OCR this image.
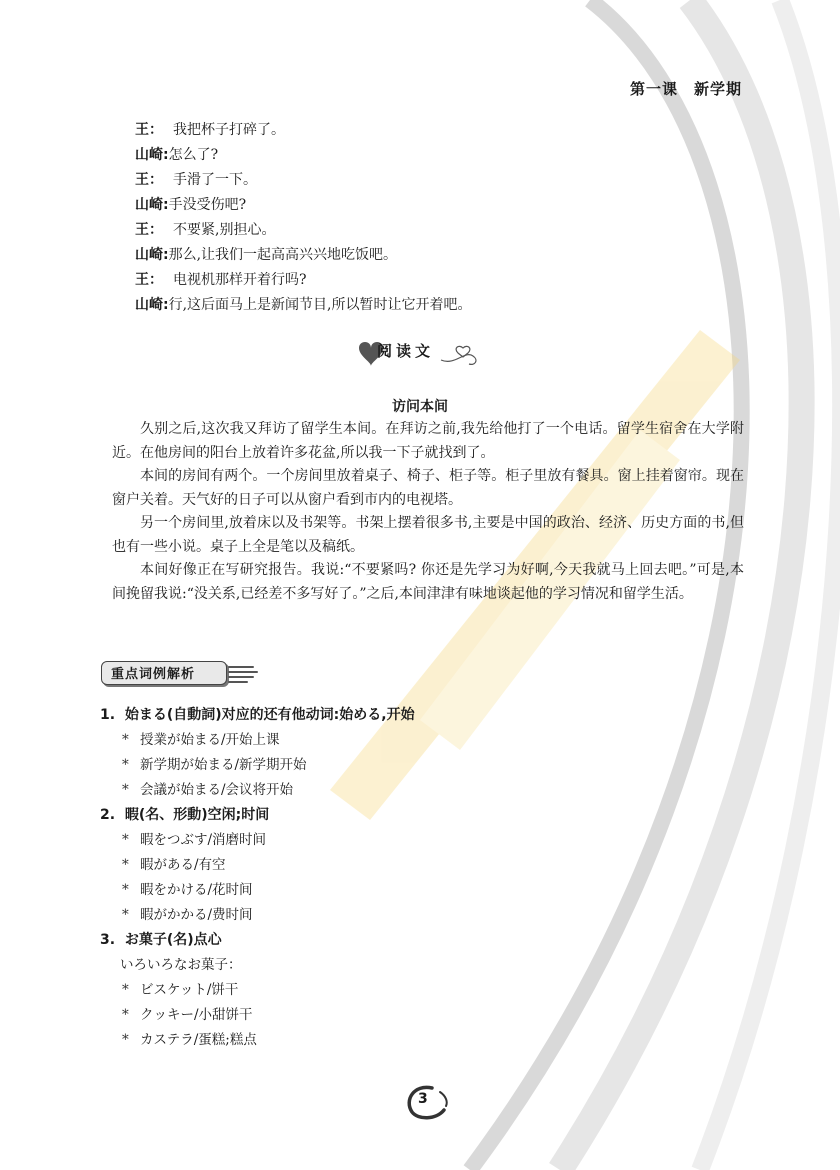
第一课　新学期
王： 我把杯子打碎了。
山崎: 怎么了?
王： 手滑了一下。
山崎: 手没受伤吧?
王： 不要紧,别担心。
山崎: 那么,让我们一起高高兴兴地吃饭吧。
王： 电视机那样开着行吗?
山崎: 行,这后面马上是新闻节目,所以暂时让它开着吧。
阅读文
访问本间

久别之后,这次我又拜访了留学生本间。在拜访之前,我先给他打了一个电话。留学生宿舍在大学附近。在他房间的阳台上放着许多花盆,所以我一下子就找到了。

本间的房间有两个。一个房间里放着桌子、椅子、柜子等。柜子里放有餐具。窗上挂着窗帘。现在窗户关着。天气好的日子可以从窗户看到市内的电视塔。

另一个房间里,放着床以及书架等。书架上摆着很多书,主要是中国的政治、经济、历史方面的书,但也有一些小说。桌子上全是笔以及稿纸。

本间好像正在写研究报告。我说:“不要紧吗? 你还是先学习为好啊,今天我就马上回去吧。”可是,本间挽留我说:“没关系,已经差不多写好了。”之后,本间津津有味地谈起他的学习情况和留学生活。

重点词例解析
1. 始まる(自動詞)对应的还有他动词:始める,开始
* 授業が始まる/开始上课
* 新学期が始まる/新学期开始
* 会議が始まる/会议将开始
2. 暇(名、形動)空闲;时间
* 暇をつぶす/消磨时间
* 暇がある/有空
* 暇をかける/花时间
* 暇がかかる/费时间
3. お菓子(名)点心
いろいろなお菓子：
* ビスケット/饼干
* クッキー/小甜饼干
* カステラ/蛋糕;糕点
3
